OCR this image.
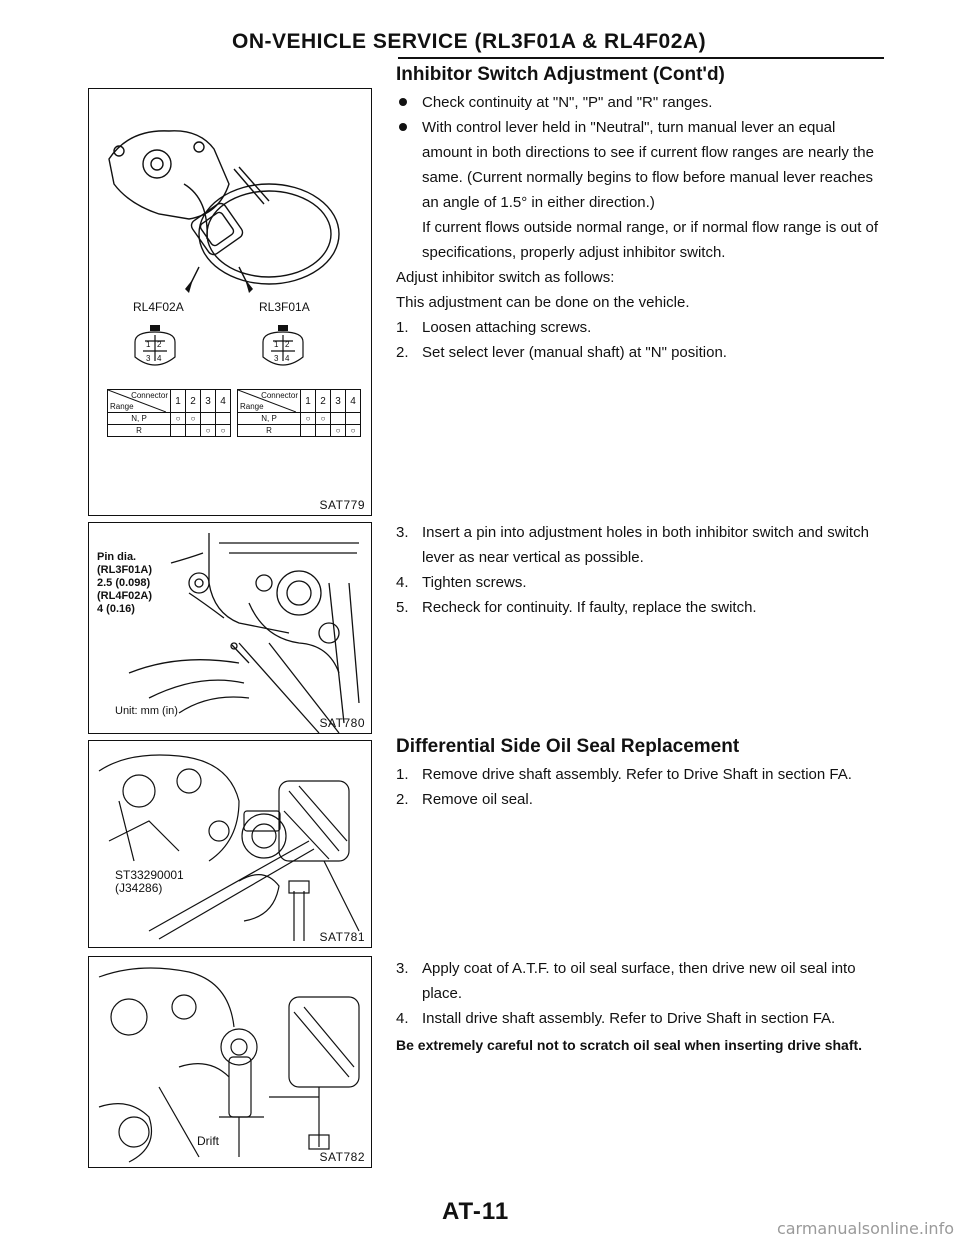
ON-VEHICLE SERVICE (RL3F01A & RL4F02A)
Inhibitor Switch Adjustment (Cont'd)
Check continuity at "N", "P" and "R" ranges.
With control lever held in "Neutral", turn manual lever an equal amount in both directions to see if current flow ranges are nearly the same. (Current normally begins to flow before manual lever reaches an angle of 1.5° in either direction.)
If current flows outside normal range, or if normal flow range is out of specifications, properly adjust inhibitor switch.
Adjust inhibitor switch as follows:
This adjustment can be done on the vehicle.
1. Loosen attaching screws.
2. Set select lever (manual shaft) at "N" position.
3. Insert a pin into adjustment holes in both inhibitor switch and switch lever as near vertical as possible.
4. Tighten screws.
5. Recheck for continuity. If faulty, replace the switch.
Differential Side Oil Seal Replacement
1. Remove drive shaft assembly. Refer to Drive Shaft in section FA.
2. Remove oil seal.
3. Apply coat of A.T.F. to oil seal surface, then drive new oil seal into place.
4. Install drive shaft assembly. Refer to Drive Shaft in section FA.
Be extremely careful not to scratch oil seal when inserting drive shaft.
RL4F02A	RL3F01A
1 2
3 4
1 2
3 4
Connector
Range	1	2	3	4
N, P	○	○		
R			○	○
Connector
Range	1	2	3	4
N, P	○	○		
R			○	○
SAT779
Pin dia.
(RL3F01A)
2.5 (0.098)
(RL4F02A)
4 (0.16)
Unit: mm (in)
SAT780
ST33290001
(J34286)
SAT781
Drift
SAT782
AT-11
carmanualsonline.info
